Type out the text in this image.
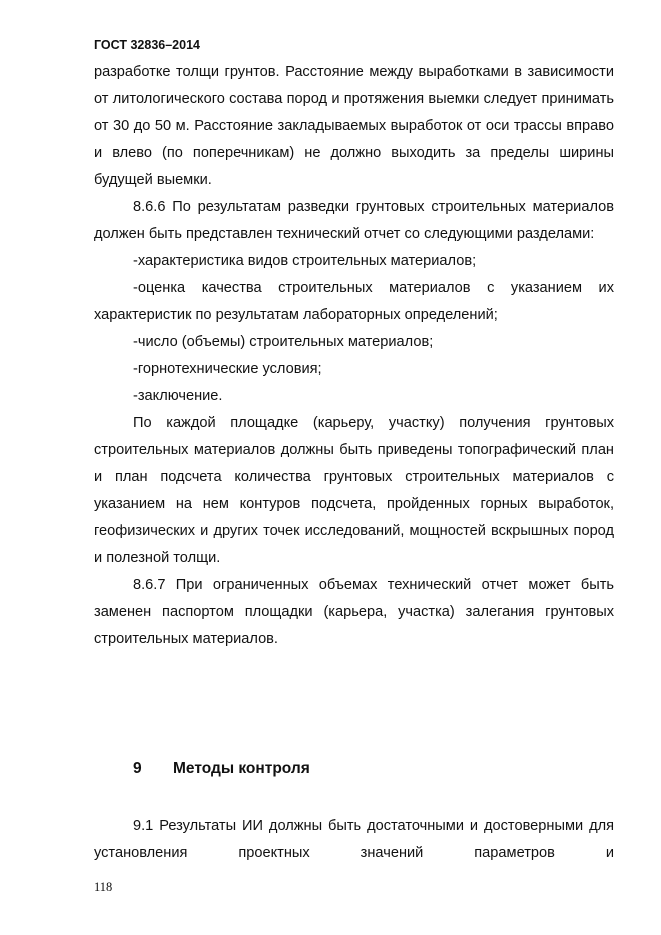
ГОСТ 32836–2014

разработке толщи грунтов. Расстояние между выработками в зависимости от литологического состава пород и протяжения выемки следует принимать от 30 до 50 м. Расстояние закладываемых выработок от оси трассы вправо и влево (по поперечникам) не должно выходить за пределы ширины будущей выемки.

8.6.6 По результатам разведки грунтовых строительных материалов должен быть представлен технический отчет со следующими разделами:

-характеристика видов строительных материалов;

-оценка качества строительных материалов с указанием их характеристик по результатам лабораторных определений;

-число (объемы) строительных материалов;

-горнотехнические условия;

-заключение.

По каждой площадке (карьеру, участку) получения грунтовых строительных материалов должны быть приведены топографический план и план подсчета количества грунтовых строительных материалов с указанием на нем контуров подсчета, пройденных горных выработок, геофизических и других точек исследований, мощностей вскрышных пород и полезной толщи.

8.6.7 При ограниченных объемах технический отчет может быть заменен паспортом площадки (карьера, участка) залегания грунтовых строительных материалов.

9 Методы контроля

9.1 Результаты ИИ должны быть достаточными и достоверными для установления проектных значений параметров и

118
